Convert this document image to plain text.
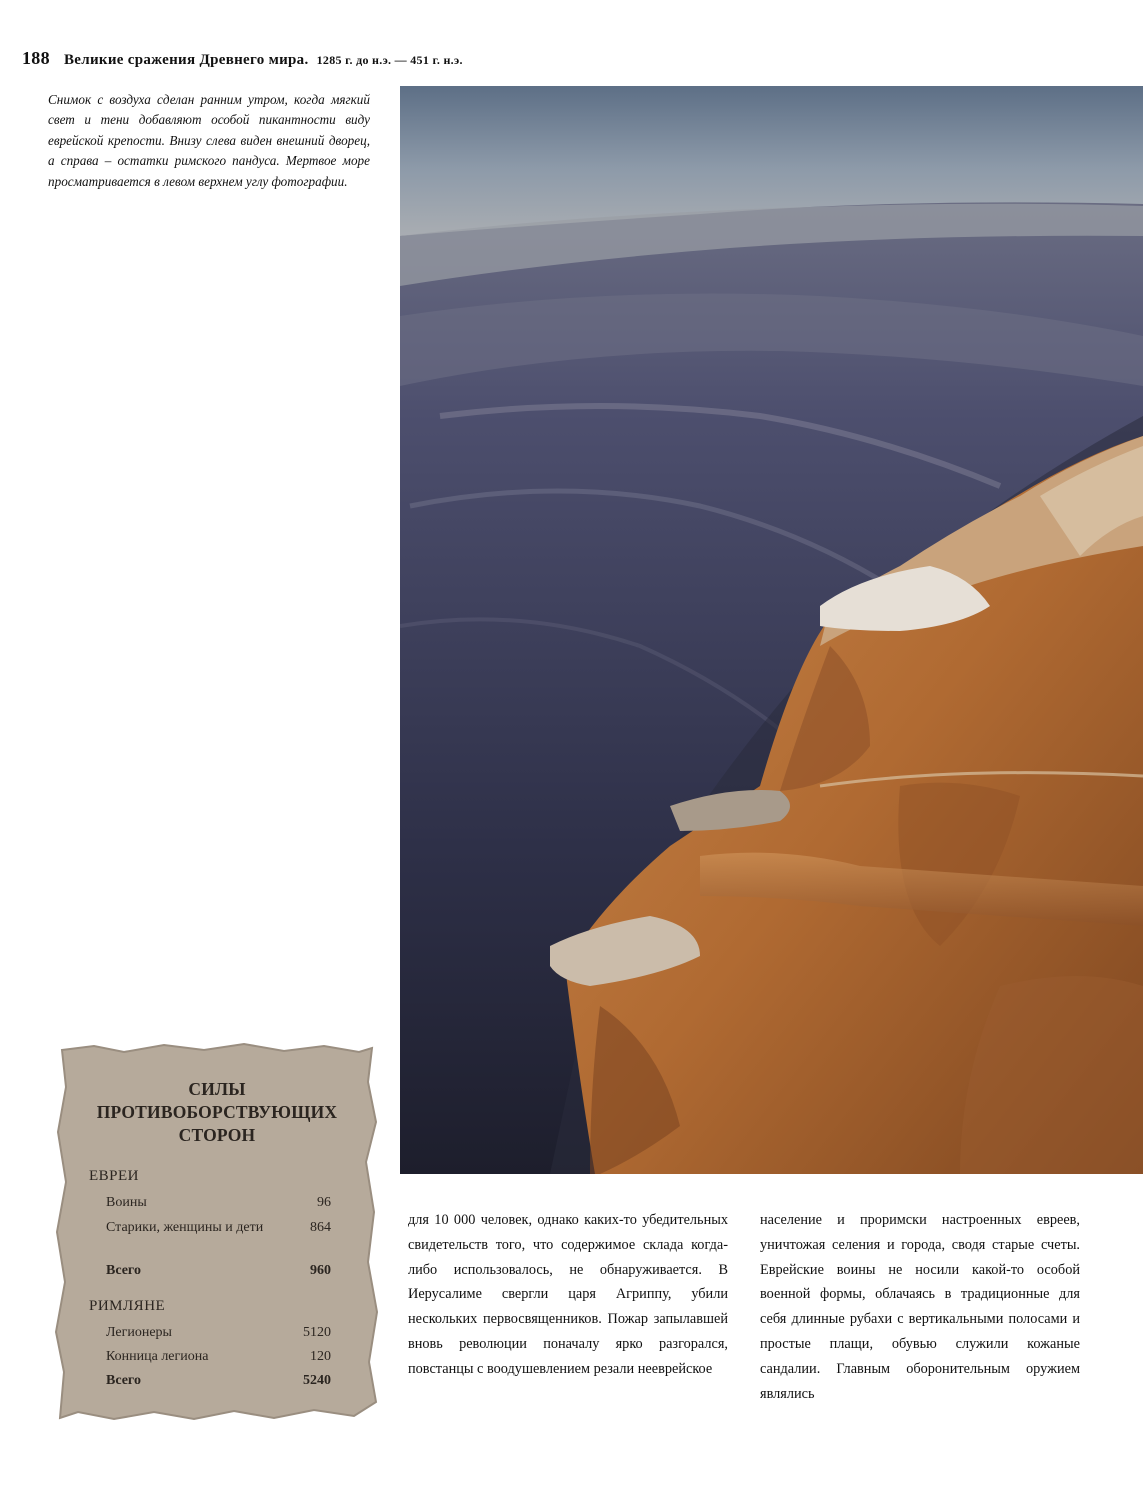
188 Великие сражения Древнего мира. 1285 г. до н.э. — 451 г. н.э.
Снимок с воздуха сделан ранним утром, когда мягкий свет и тени добавляют особой пикантности виду еврейской крепости. Внизу слева виден внешний дворец, а справа – остатки римского пандуса. Мертвое море просматривается в левом верхнем углу фотографии.
СИЛЫ
ПРОТИВОБОРСТВУЮЩИХ
СТОРОН
ЕВРЕИ
Воины	96
Старики, женщины и дети	864
Всего	960
РИМЛЯНЕ
Легионеры	5120
Конница легиона	120
Всего	5240

для 10 000 человек, однако каких-то убедительных свидетельств того, что содержимое склада когда-либо использовалось, не обнаруживается. В Иерусалиме свергли царя Агриппу, убили нескольких первосвященников. Пожар запылавшей вновь революции поначалу ярко разгорался, повстанцы с воодушевлением резали нееврейское

население и проримски настроенных евреев, уничтожая селения и города, сводя старые счеты. Еврейские воины не носили какой-то особой военной формы, облачаясь в традиционные для себя длинные рубахи с вертикальными полосами и простые плащи, обувью служили кожаные сандалии. Главным оборонительным оружием являлись
